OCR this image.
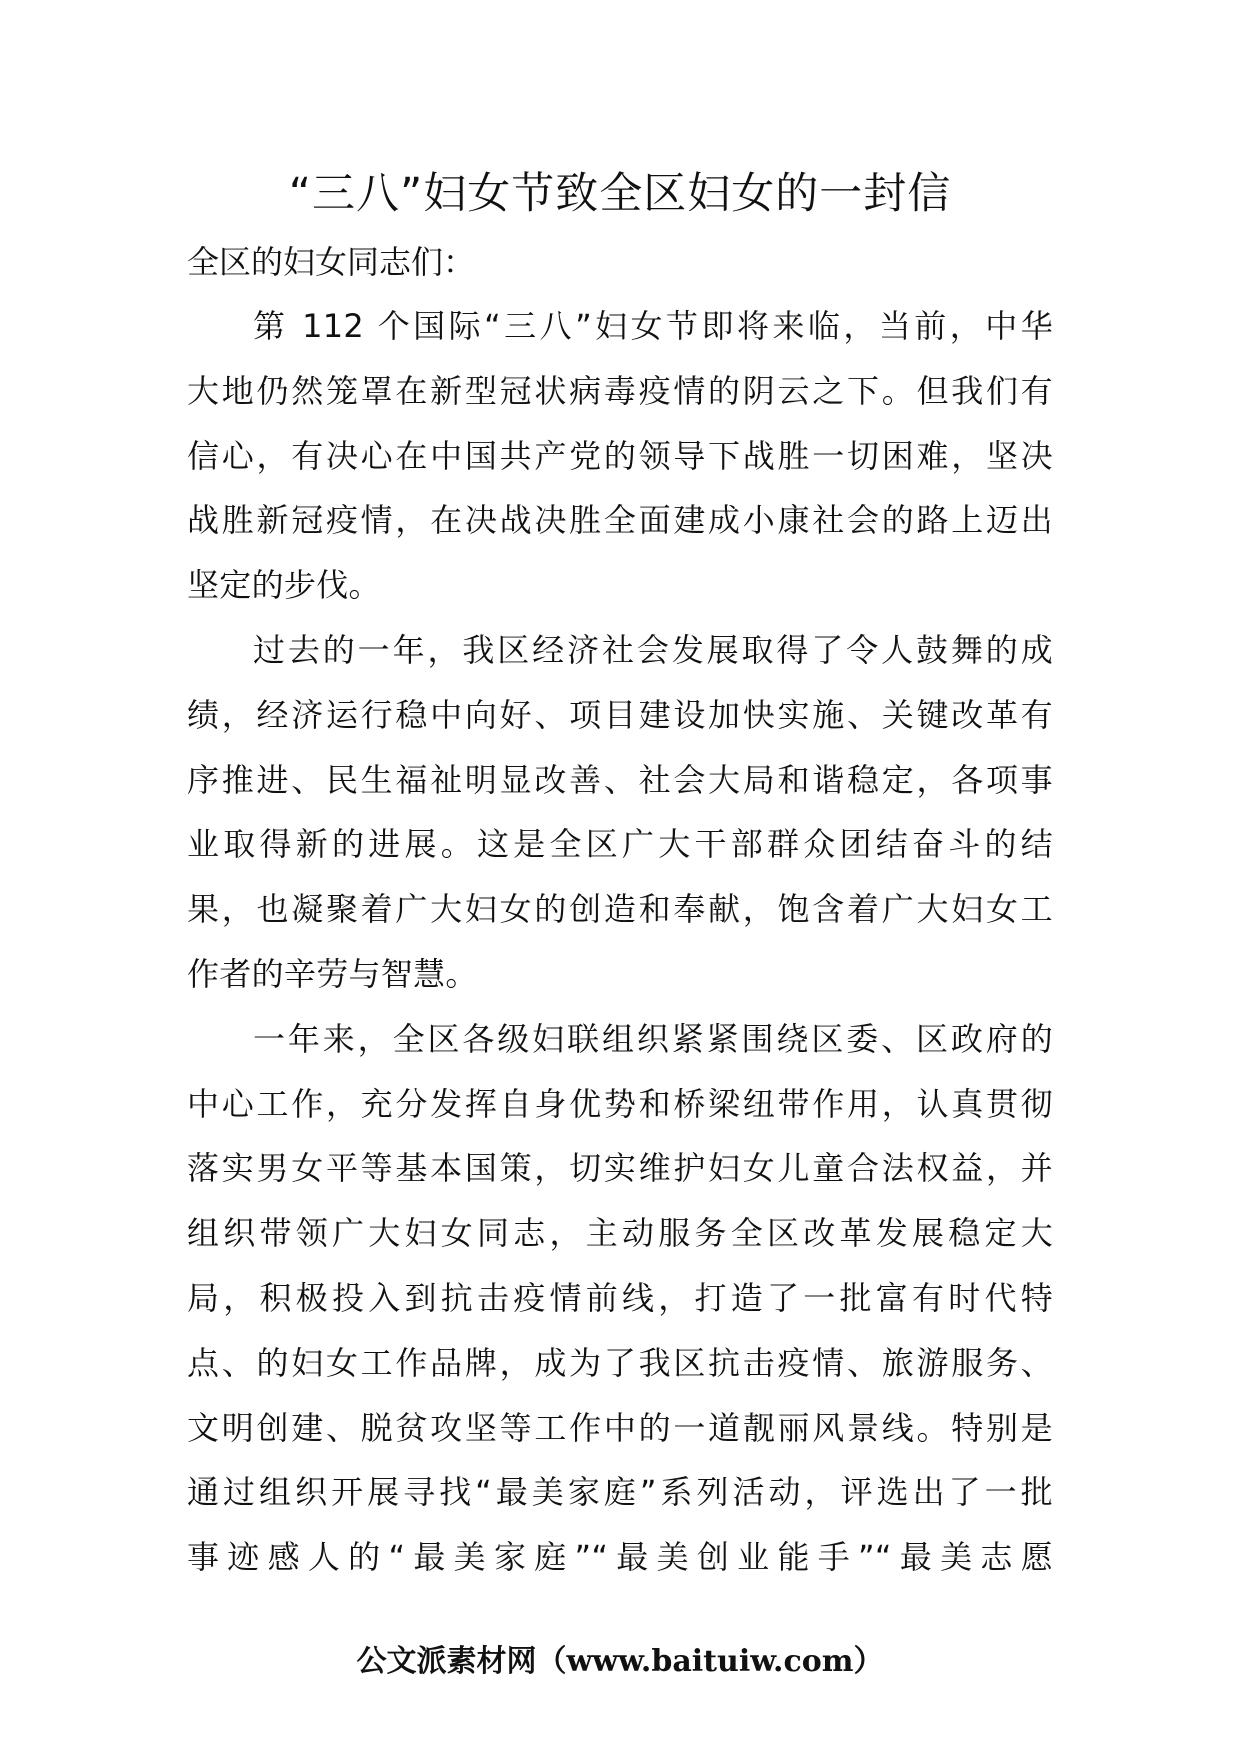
“三八”妇女节致全区妇女的一封信
全区的妇女同志们：
第 112 个国际“三八”妇女节即将来临，当前，中华
大地仍然笼罩在新型冠状病毒疫情的阴云之下。但我们有
信心，有决心在中国共产党的领导下战胜一切困难，坚决
战胜新冠疫情，在决战决胜全面建成小康社会的路上迈出
坚定的步伐。
过去的一年，我区经济社会发展取得了令人鼓舞的成
绩，经济运行稳中向好、项目建设加快实施、关键改革有
序推进、民生福祉明显改善、社会大局和谐稳定，各项事
业取得新的进展。这是全区广大干部群众团结奋斗的结
果，也凝聚着广大妇女的创造和奉献，饱含着广大妇女工
作者的辛劳与智慧。
一年来，全区各级妇联组织紧紧围绕区委、区政府的
中心工作，充分发挥自身优势和桥梁纽带作用，认真贯彻
落实男女平等基本国策，切实维护妇女儿童合法权益，并
组织带领广大妇女同志，主动服务全区改革发展稳定大
局，积极投入到抗击疫情前线，打造了一批富有时代特
点、的妇女工作品牌，成为了我区抗击疫情、旅游服务、
文明创建、脱贫攻坚等工作中的一道靓丽风景线。特别是
通过组织开展寻找“最美家庭”系列活动，评选出了一批
事迹感人的“最美家庭”“最美创业能手”“最美志愿
公文派素材网（www.baituiw.com）
